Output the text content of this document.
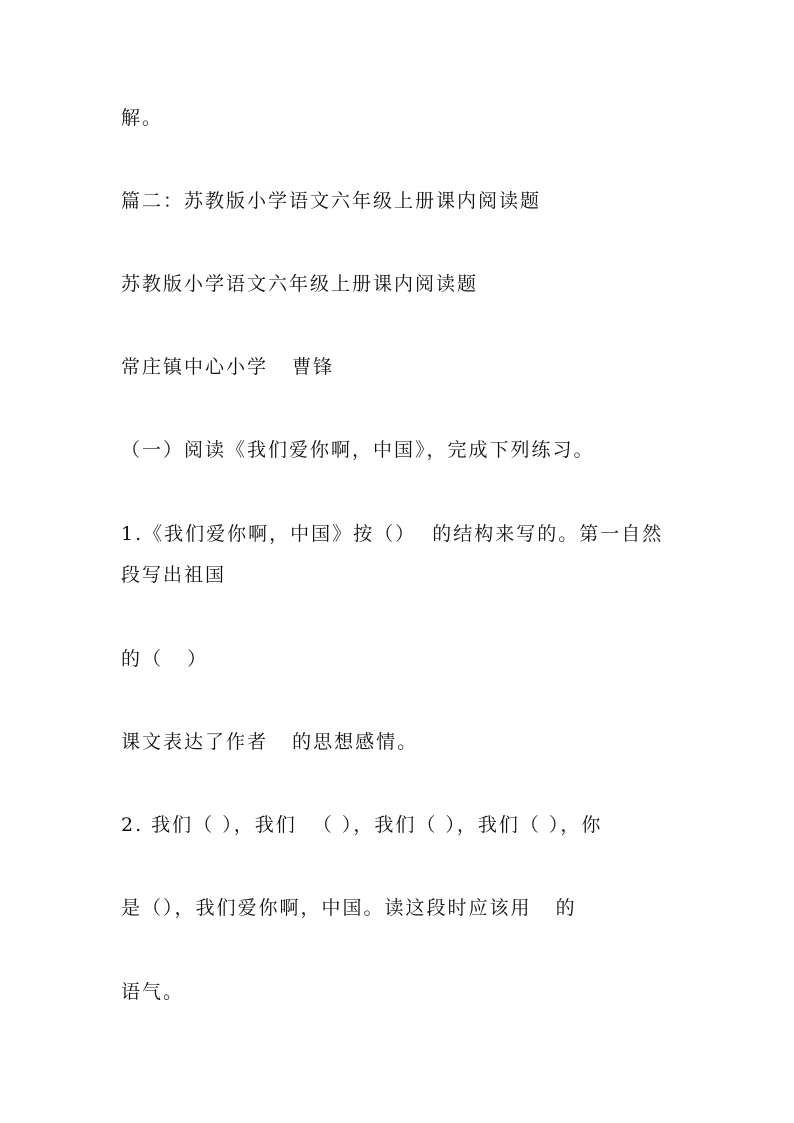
解。
篇二：苏教版小学语文六年级上册课内阅读题
苏教版小学语文六年级上册课内阅读题
常庄镇中心小学   曹锋
（一）阅读《我们爱你啊，中国》，完成下列练习。
1.《我们爱你啊，中国》按（）  的结构来写的。第一自然
段写出祖国
的（   ）
课文表达了作者   的思想感情。
2. 我们（ ），我们  （ ），我们（ ），我们（ ），你
是（），我们爱你啊，中国。读这段时应该用   的
语气。
